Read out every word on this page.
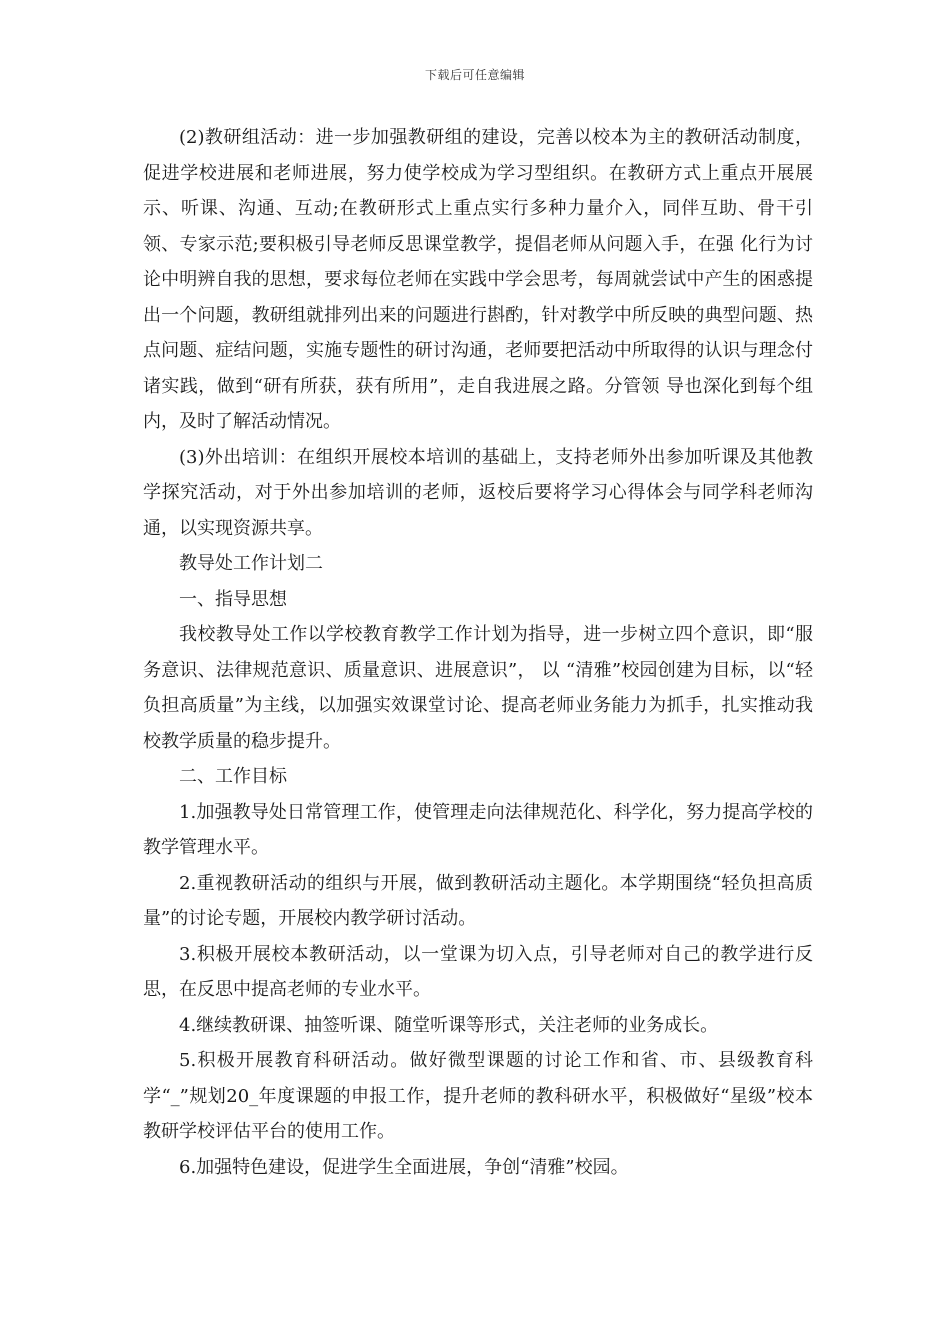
下载后可任意编辑

(2)教研组活动：进一步加强教研组的建设，完善以校本为主的教研活动制度，促进学校进展和老师进展，努力使学校成为学习型组织。在教研方式上重点开展展示、听课、沟通、互动;在教研形式上重点实行多种力量介入，同伴互助、骨干引领、专家示范;要积极引导老师反思课堂教学，提倡老师从问题入手，在强 化行为讨论中明辨自我的思想，要求每位老师在实践中学会思考，每周就尝试中产生的困惑提出一个问题，教研组就排列出来的问题进行斟酌，针对教学中所反映的典型问题、热点问题、症结问题，实施专题性的研讨沟通，老师要把活动中所取得的认识与理念付诸实践，做到“研有所获，获有所用”，走自我进展之路。分管领 导也深化到每个组内，及时了解活动情况。

(3)外出培训：在组织开展校本培训的基础上，支持老师外出参加听课及其他教学探究活动，对于外出参加培训的老师，返校后要将学习心得体会与同学科老师沟通，以实现资源共享。

教导处工作计划二

一、指导思想

我校教导处工作以学校教育教学工作计划为指导，进一步树立四个意识，即“服务意识、法律规范意识、质量意识、进展意识”， 以 “清雅”校园创建为目标，以“轻负担高质量”为主线，以加强实效课堂讨论、提高老师业务能力为抓手，扎实推动我校教学质量的稳步提升。

二、工作目标

1.加强教导处日常管理工作，使管理走向法律规范化、科学化，努力提高学校的教学管理水平。

2.重视教研活动的组织与开展，做到教研活动主题化。本学期围绕“轻负担高质量”的讨论专题，开展校内教学研讨活动。

3.积极开展校本教研活动，以一堂课为切入点，引导老师对自己的教学进行反思，在反思中提高老师的专业水平。

4.继续教研课、抽签听课、随堂听课等形式，关注老师的业务成长。

5.积极开展教育科研活动。做好微型课题的讨论工作和省、市、县级教育科学“_”规划20_年度课题的申报工作，提升老师的教科研水平，积极做好“星级”校本教研学校评估平台的使用工作。

6.加强特色建设，促进学生全面进展，争创“清雅”校园。
